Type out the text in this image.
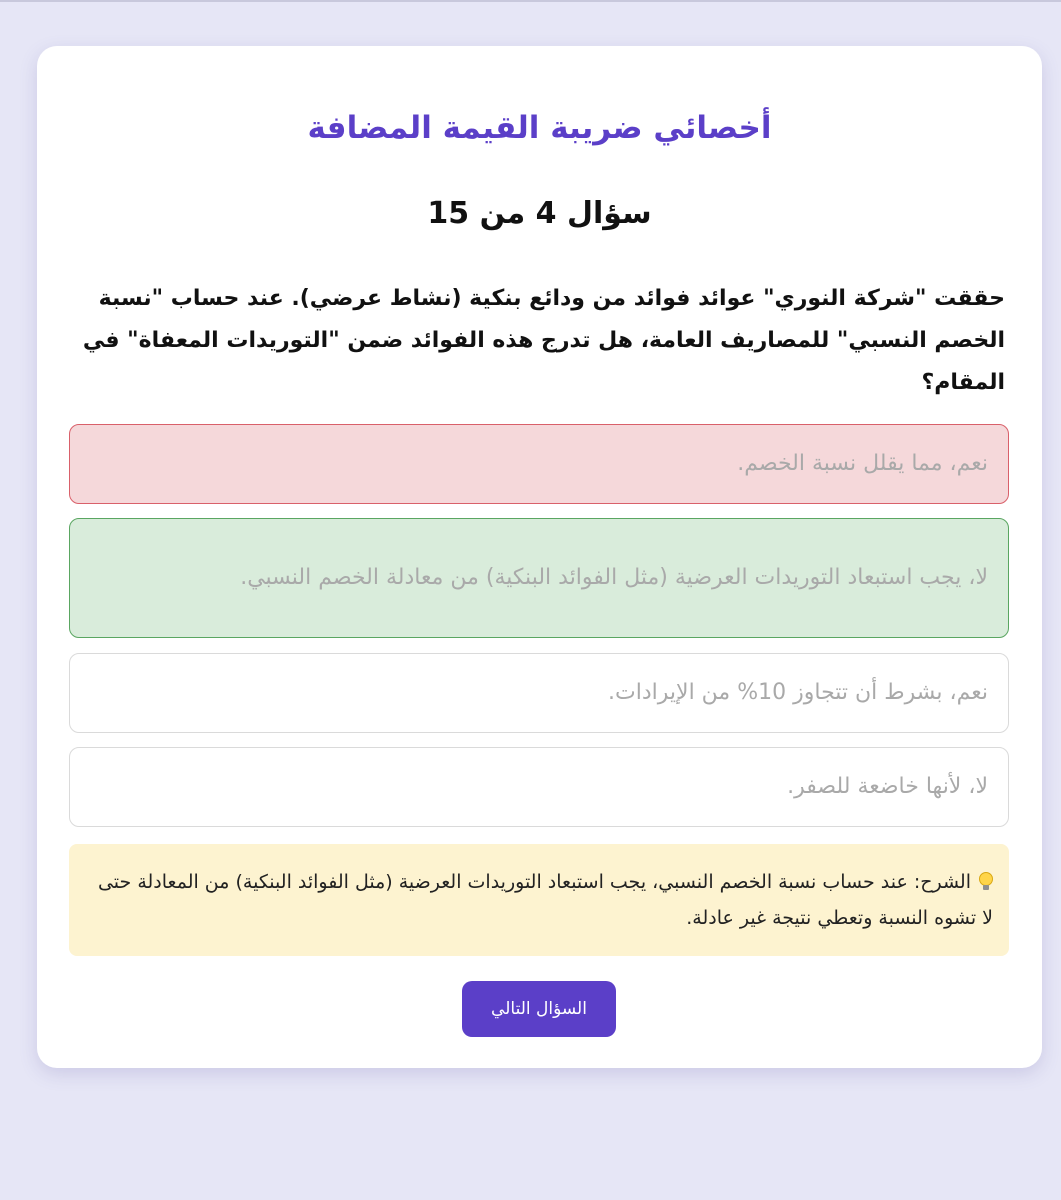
أخصائي ضريبة القيمة المضافة
سؤال 4 من 15

حققت "شركة النوري" عوائد فوائد من ودائع بنكية (نشاط عرضي). عند حساب "نسبة الخصم النسبي" للمصاريف العامة، هل تدرج هذه الفوائد ضمن "التوريدات المعفاة" في المقام؟

نعم، مما يقلل نسبة الخصم.
لا، يجب استبعاد التوريدات العرضية (مثل الفوائد البنكية) من معادلة الخصم النسبي.
نعم، بشرط أن تتجاوز 10% من الإيرادات.
لا، لأنها خاضعة للصفر.
الشرح: عند حساب نسبة الخصم النسبي، يجب استبعاد التوريدات العرضية (مثل الفوائد البنكية) من المعادلة حتى لا تشوه النسبة وتعطي نتيجة غير عادلة.
السؤال التالي
